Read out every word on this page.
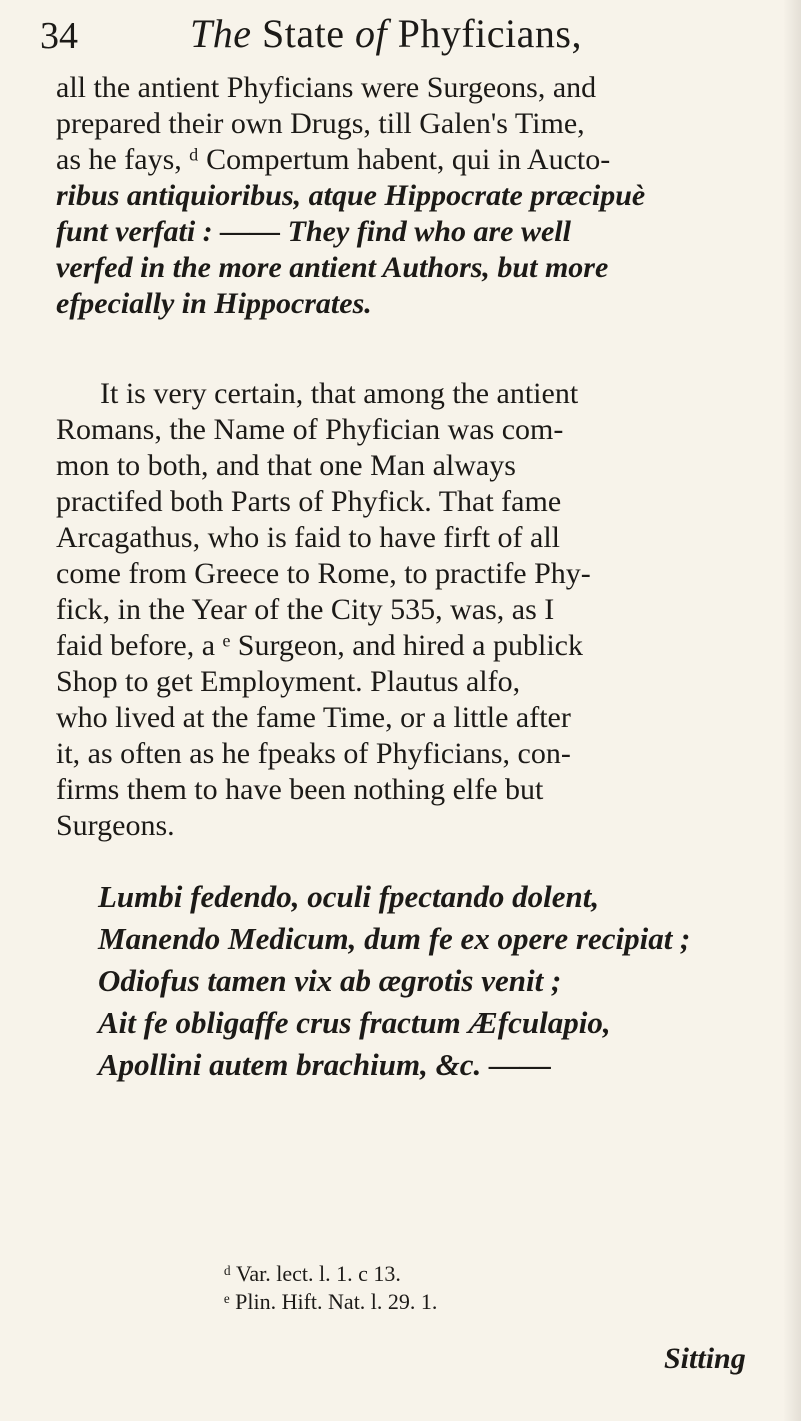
34	The State of Phyficians,
all the antient Phyficians were Surgeons, and
prepared their own Drugs, till Galen's Time,
as he fays, ᵈ Compertum habent, qui in Aucto-
ribus antiquioribus, atque Hippocrate præcipuè
funt verfati : —— They find who are well
verfed in the more antient Authors, but more
efpecially in Hippocrates.
It is very certain, that among the antient
Romans, the Name of Phyfician was com-
mon to both, and that one Man always
practifed both Parts of Phyfick. That fame
Arcagathus, who is faid to have firft of all
come from Greece to Rome, to practife Phy-
fick, in the Year of the City 535, was, as I
faid before, a ᵉ Surgeon, and hired a publick
Shop to get Employment. Plautus alfo,
who lived at the fame Time, or a little after
it, as often as he fpeaks of Phyficians, con-
firms them to have been nothing elfe but
Surgeons.
Lumbi fedendo, oculi fpectando dolent,
Manendo Medicum, dum fe ex opere recipiat ;
Odiofus tamen vix ab ægrotis venit ;
Ait fe obligaffe crus fractum Æfculapio,
Apollini autem brachium, &c. ——
ᵈ Var. lect. l. 1. c 13.
ᵉ Plin. Hift. Nat. l. 29. 1.
Sitting
